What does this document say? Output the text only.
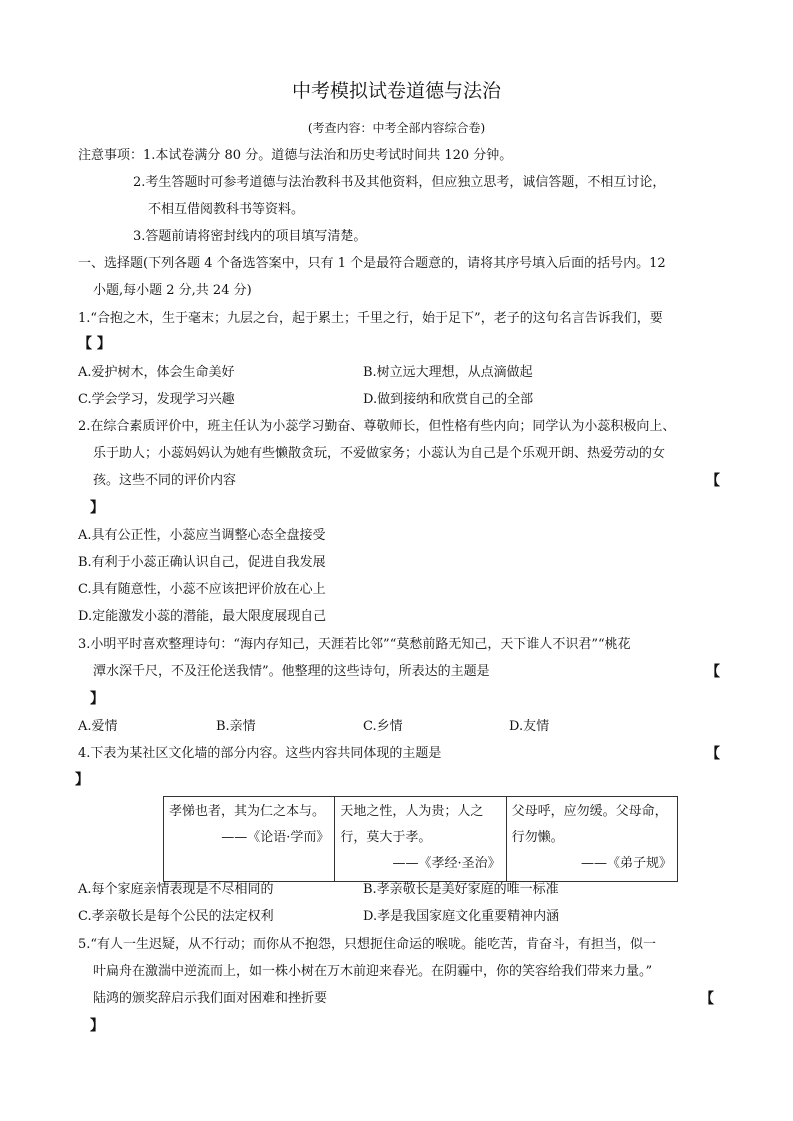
中考模拟试卷道德与法治
(考查内容：中考全部内容综合卷)
注意事项：1.本试卷满分 80 分。道德与法治和历史考试时间共 120 分钟。
2.考生答题时可参考道德与法治教科书及其他资料，但应独立思考，诚信答题，不相互讨论，
不相互借阅教科书等资料。
3.答题前请将密封线内的项目填写清楚。
一、选择题(下列各题 4 个备选答案中，只有 1 个是最符合题意的，请将其序号填入后面的括号内。12
小题,每小题 2 分,共 24 分)
1.“合抱之木，生于毫末；九层之台，起于累土；千里之行，始于足下”，老子的这句名言告诉我们，要
【 】
A.爱护树木，体会生命美好	B.树立远大理想，从点滴做起
C.学会学习，发现学习兴趣	D.做到接纳和欣赏自己的全部
2.在综合素质评价中，班主任认为小蕊学习勤奋、尊敬师长，但性格有些内向；同学认为小蕊积极向上、
乐于助人；小蕊妈妈认为她有些懒散贪玩，不爱做家务；小蕊认为自己是个乐观开朗、热爱劳动的女
孩。这些不同的评价内容	【
】
A.具有公正性，小蕊应当调整心态全盘接受
B.有利于小蕊正确认识自己，促进自我发展
C.具有随意性，小蕊不应该把评价放在心上
D.定能激发小蕊的潜能，最大限度展现自己
3.小明平时喜欢整理诗句：“海内存知己，天涯若比邻”“莫愁前路无知己，天下谁人不识君”“桃花
潭水深千尺，不及汪伦送我情”。他整理的这些诗句，所表达的主题是	【
】
A.爱情	B.亲情	C.乡情	D.友情
4.下表为某社区文化墙的部分内容。这些内容共同体现的主题是	【
】
孝悌也者，其为仁之本与。
——《论语·学而》
	天地之性，人为贵；人之行，莫大于孝。
——《孝经·圣治》
	父母呼，应勿缓。父母命，行勿懒。
——《弟子规》
A.每个家庭亲情表现是不尽相同的	B.孝亲敬长是美好家庭的唯一标准
C.孝亲敬长是每个公民的法定权利	D.孝是我国家庭文化重要精神内涵
5.“有人一生迟疑，从不行动；而你从不抱怨，只想扼住命运的喉咙。能吃苦，肯奋斗，有担当，似一
叶扁舟在激湍中逆流而上，如一株小树在万木前迎来春光。在阴霾中，你的笑容给我们带来力量。”
陆鸿的颁奖辞启示我们面对困难和挫折要	【
】
